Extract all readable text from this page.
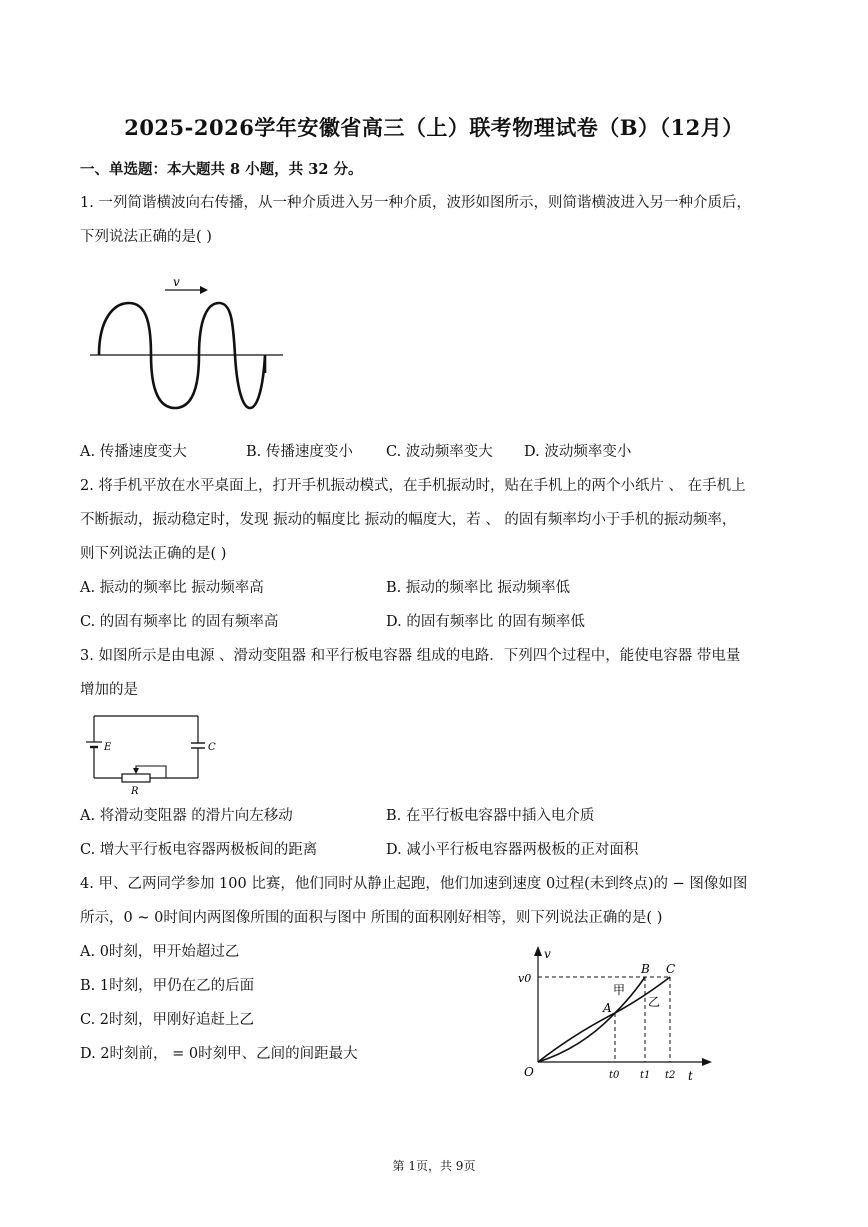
2025-2026学年安徽省高三（上）联考物理试卷（B）（12月）
一、单选题：本大题共 8 小题，共 32 分。
1. 一列简谐横波向右传播，从一种介质进入另一种介质，波形如图所示，则简谐横波进入另一种介质后，
下列说法正确的是( )
v
A. 传播速度变大	B. 传播速度变小 C. 波动频率变大 D. 波动频率变小
2. 将手机平放在水平桌面上，打开手机振动模式，在手机振动时，贴在手机上的两个小纸片 、 在手机上
不断振动，振动稳定时，发现 振动的幅度比 振动的幅度大，若 、 的固有频率均小于手机的振动频率，
则下列说法正确的是( )
A. 振动的频率比 振动频率高	B. 振动的频率比 振动频率低
C. 的固有频率比 的固有频率高	D. 的固有频率比 的固有频率低
3. 如图所示是由电源 、滑动变阻器 和平行板电容器 组成的电路．下列四个过程中，能使电容器 带电量
增加的是
E	C
R
A. 将滑动变阻器 的滑片向左移动	B. 在平行板电容器中插入电介质
C. 增大平行板电容器两极板间的距离	D. 减小平行板电容器两极板的正对面积
4. 甲、乙两同学参加 100 比赛，他们同时从静止起跑，他们加速到速度 0过程(未到终点)的 − 图像如图
所示，0 ~ 0时间内两图像所围的面积与图中 所围的面积刚好相等，则下列说法正确的是( )
A. 0时刻，甲开始超过乙
B. 1时刻，甲仍在乙的后面
C. 2时刻，甲刚好追赶上乙
D. 2时刻前， = 0时刻甲、乙间的间距最大
v
t
O
v0
A
B C
甲
乙
t0 t1 t2
第 1页，共 9页
